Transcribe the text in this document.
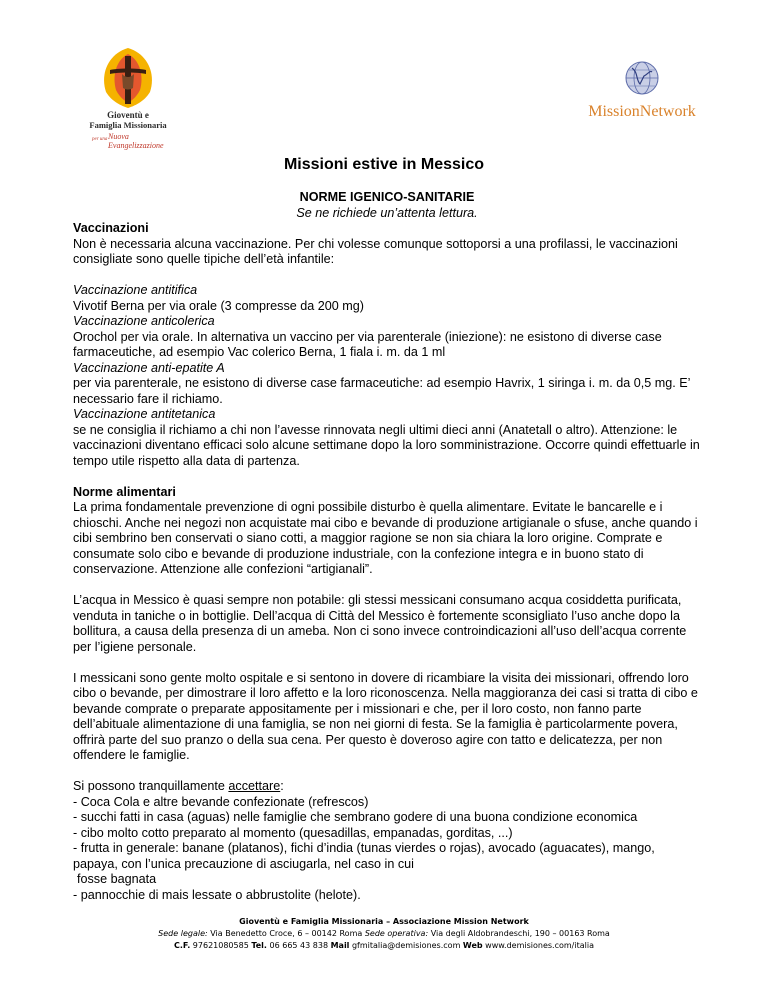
Gioventù e
Famiglia Missionaria
per una Nuova
Evangelizzazione
MissionNetwork
Missioni estive in Messico

NORME IGENICO-SANITARIE

Se ne richiede un’attenta lettura.

Vaccinazioni

Non è necessaria alcuna vaccinazione. Per chi volesse comunque sottoporsi a una profilassi, le vaccinazioni consigliate sono quelle tipiche dell’età infantile:

Vaccinazione antitifica

Vivotif Berna per via orale (3 compresse da 200 mg)

Vaccinazione anticolerica

Orochol per via orale. In alternativa un vaccino per via parenterale (iniezione): ne esistono di diverse case farmaceutiche, ad esempio Vac colerico Berna, 1 fiala i. m. da 1 ml

Vaccinazione anti-epatite A

per via parenterale, ne esistono di diverse case farmaceutiche: ad esempio Havrix, 1 siringa i. m. da 0,5 mg. E’ necessario fare il richiamo.

Vaccinazione antitetanica

se ne consiglia il richiamo a chi non l’avesse rinnovata negli ultimi dieci anni (Anatetall o altro). Attenzione: le vaccinazioni diventano efficaci solo alcune settimane dopo la loro somministrazione. Occorre quindi effettuarle in tempo utile rispetto alla data di partenza.

Norme alimentari

La prima fondamentale prevenzione di ogni possibile disturbo è quella alimentare. Evitate le bancarelle e i chioschi. Anche nei negozi non acquistate mai cibo e bevande di produzione artigianale o sfuse, anche quando i cibi sembrino ben conservati o siano cotti, a maggior ragione se non sia chiara la loro origine. Comprate e consumate solo cibo e bevande di produzione industriale, con la confezione integra e in buono stato di conservazione. Attenzione alle confezioni “artigianali”.

L’acqua in Messico è quasi sempre non potabile: gli stessi messicani consumano acqua cosiddetta purificata, venduta in taniche o in bottiglie. Dell’acqua di Città del Messico è fortemente sconsigliato l’uso anche dopo la bollitura, a causa della presenza di un ameba. Non ci sono invece controindicazioni all’uso dell’acqua corrente per l’igiene personale.

I messicani sono gente molto ospitale e si sentono in dovere di ricambiare la visita dei missionari, offrendo loro cibo o bevande, per dimostrare il loro affetto e la loro riconoscenza. Nella maggioranza dei casi si tratta di cibo e bevande comprate o preparate appositamente per i missionari e che, per il loro costo, non fanno parte dell’abituale alimentazione di una famiglia, se non nei giorni di festa. Se la famiglia è particolarmente povera, offrirà parte del suo pranzo o della sua cena. Per questo è doveroso agire con tatto e delicatezza, per non offendere le famiglie.

Si possono tranquillamente accettare:

- Coca Cola e altre bevande confezionate (refrescos)

- succhi fatti in casa (aguas) nelle famiglie che sembrano godere di una buona condizione economica

- cibo molto cotto preparato al momento (quesadillas, empanadas, gorditas, ...)

- frutta in generale: banane (platanos), fichi d’india (tunas vierdes o rojas), avocado (aguacates), mango, papaya, con l’unica precauzione di asciugarla, nel caso in cui

fosse bagnata

- pannocchie di mais lessate o abbrustolite (helote).

Gioventù e Famiglia Missionaria – Associazione Mission Network
Sede legale: Via Benedetto Croce, 6 – 00142 Roma Sede operativa: Via degli Aldobrandeschi, 190 – 00163 Roma
C.F. 97621080585 Tel. 06 665 43 838 Mail gfmitalia@demisiones.com Web www.demisiones.com/italia
